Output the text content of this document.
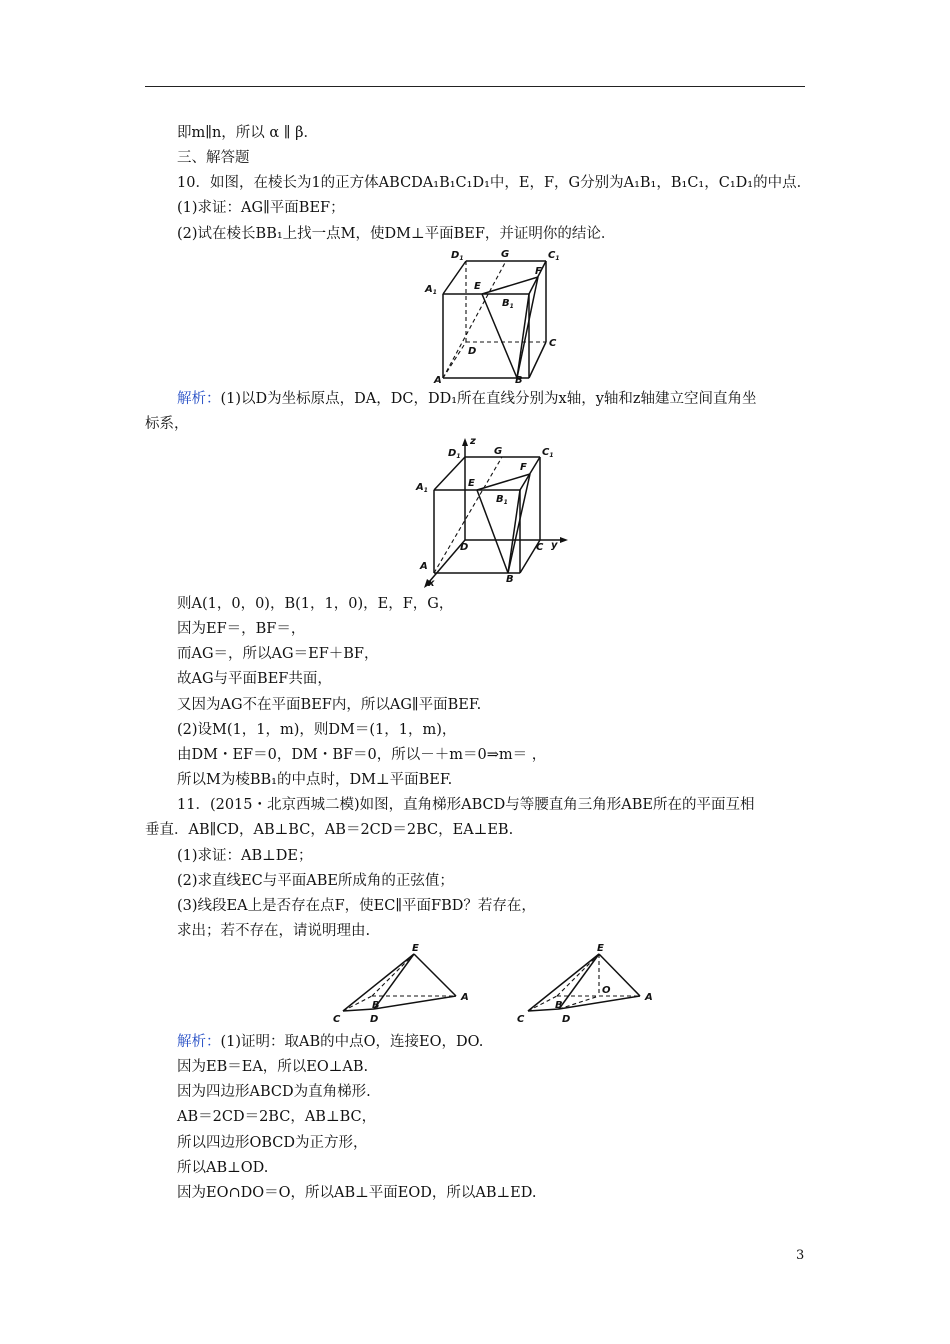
即m∥n，所以 α ∥ β．
三、解答题
10．如图，在棱长为1的正方体ABCDA₁B₁C₁D₁中，E，F，G分别为A₁B₁，B₁C₁，C₁D₁的中点．
(1)求证：AG∥平面BEF；
(2)试在棱长BB₁上找一点M，使DM⊥平面BEF，并证明你的结论．
$D_1$	G	$C_1$
$A_1$
E
F
$B_1$
D
C
A	B
解析：(1)以D为坐标原点，DA，DC，DD₁所在直线分别为x轴，y轴和z轴建立空间直角坐
标系，
z
$D_1$	G	$C_1$
$A_1$
E
F
$B_1$
D	C y
A
x	B
则A(1，0，0)，B(1，1，0)，E，F，G，
因为EF＝，BF＝，
而AG＝，所以AG＝EF＋BF，
故AG与平面BEF共面，
又因为AG不在平面BEF内，所以AG∥平面BEF.
(2)设M(1，1，m)，则DM＝(1，1，m)，
由DM・EF＝0，DM・BF＝0，所以－＋m＝0⇒m＝ ，
所以M为棱BB₁的中点时，DM⊥平面BEF.
11．(2015・北京西城二模)如图，直角梯形ABCD与等腰直角三角形ABE所在的平面互相
垂直．AB∥CD，AB⊥BC，AB＝2CD＝2BC，EA⊥EB.
(1)求证：AB⊥DE；
(2)求直线EC与平面ABE所成角的正弦值；
(3)线段EA上是否存在点F，使EC∥平面FBD？若存在，
求出；若不存在，请说明理由.
E
A
B
C	D
E
O
A
B
C	D
解析：(1)证明：取AB的中点O，连接EO，DO.
因为EB＝EA，所以EO⊥AB.
因为四边形ABCD为直角梯形.
AB＝2CD＝2BC，AB⊥BC，
所以四边形OBCD为正方形，
所以AB⊥OD.
因为EO∩DO＝O，所以AB⊥平面EOD，所以AB⊥ED.
3
